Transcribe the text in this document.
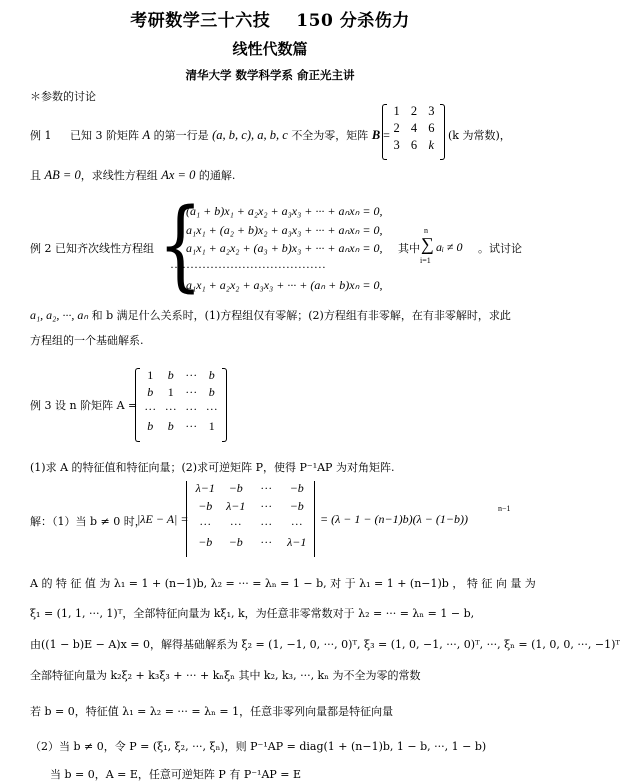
考研数学三十六技 150 分杀伤力
线性代数篇
清华大学 数学科学系 俞正光主讲
＊参数的讨论
例 1 已知 3 阶矩阵 A 的第一行是 (a, b, c), a, b, c 不全为零，矩阵 B =
1 2 3
2 4 6
3 6 k
(k 为常数)，
且 AB = 0，求线性方程组 Ax = 0 的通解.
例 2 已知齐次线性方程组 {
(a₁ + b)x₁ + a₂x₂ + a₃x₃ + ··· + aₙxₙ = 0,
a₁x₁ + (a₂ + b)x₂ + a₃x₃ + ··· + aₙxₙ = 0,
a₁x₁ + a₂x₂ + (a₃ + b)x₃ + ··· + aₙxₙ = 0,
·······································
a₁x₁ + a₂x₂ + a₃x₃ + ··· + (aₙ + b)xₙ = 0,
其中
n
∑
i=1
aᵢ ≠ 0 。试讨论
a₁, a₂, ···, aₙ 和 b 满足什么关系时，(1)方程组仅有零解；(2)方程组有非零解，在有非零解时，求此
方程组的一个基础解系.
例 3 设 n 阶矩阵 A =
1	b ··· b
b	1 ··· b
··· ··· ··· ···
b	b ··· 1
(1)求 A 的特征值和特征向量；(2)求可逆矩阵 P，使得 P⁻¹AP 为对角矩阵.
解：（1）当 b ≠ 0 时，
|λE − A| =
λ−1	−b	···	−b
−b	λ−1	···	−b
···	···	···	···
−b	−b	···	λ−1
= (λ − 1 − (n−1)b)(λ − (1−b))
n−1
A 的 特 征 值 为 λ₁ = 1 + (n−1)b, λ₂ = ··· = λₙ = 1 − b, 对 于 λ₁ = 1 + (n−1)b ， 特 征 向 量 为
ξ₁ = (1, 1, ···, 1)ᵀ，全部特征向量为 kξ₁, k，为任意非零常数对于 λ₂ = ··· = λₙ = 1 − b,
由((1 − b)E − A)x = 0，解得基础解系为 ξ₂ = (1, −1, 0, ···, 0)ᵀ, ξ₃ = (1, 0, −1, ···, 0)ᵀ, ···, ξₙ = (1, 0, 0, ···, −1)ᵀ
全部特征向量为 k₂ξ₂ + k₃ξ₃ + ··· + kₙξₙ 其中 k₂, k₃, ···, kₙ 为不全为零的常数
若 b = 0，特征值 λ₁ = λ₂ = ··· = λₙ = 1，任意非零列向量都是特征向量
（2）当 b ≠ 0，令 P = (ξ₁, ξ₂, ···, ξₙ)，则 P⁻¹AP = diag(1 + (n−1)b, 1 − b, ···, 1 − b)
当 b = 0，A = E，任意可逆矩阵 P 有 P⁻¹AP = E
